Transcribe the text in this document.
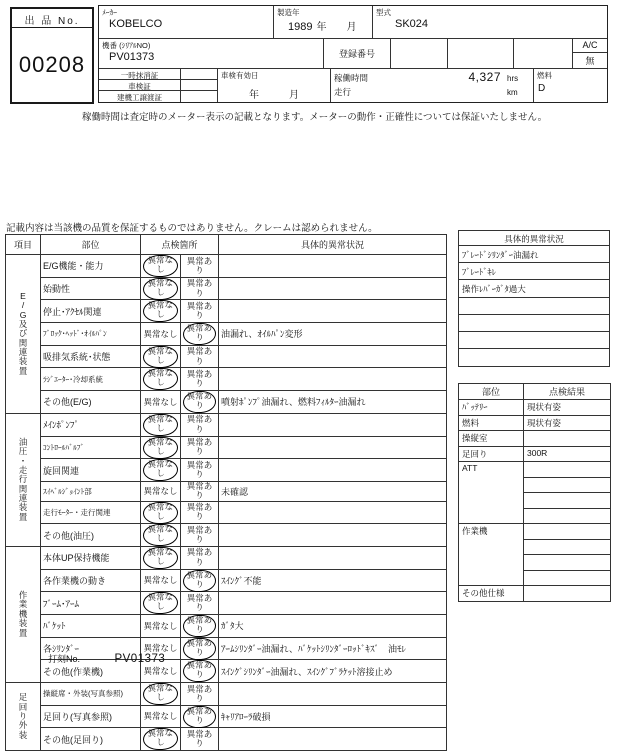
出 品 No.
00208
ﾒｰｶｰ
KOBELCO
製造年
1989 年 月
型式
SK024
機番 (ｼﾘｱﾙNO)
PV01373	登録番号
A/C
無
一時抹消証
車検証
建機工譲渡証
車検有効日
年	月
稼働時間	4,327 hrs
走行	km
燃料
D
稼働時間は査定時のメーター表示の記載となります。メーターの動作・正確性については保証いたしません。
記載内容は当該機の品質を保証するものではありません。クレームは認められません。
項目	部位	点検箇所		具体的異常状況

E
/
G
及
び
関
連
装
置
	E/G機能・能力	異常なし	異常あり	
	始動性	異常なし	異常あり	
	停止･ｱｸｾﾙ関連	異常なし	異常あり	
	ﾌﾞﾛｯｸ･ﾍｯﾄﾞ･ｵｲﾙﾊﾟﾝ	異常なし	異常あり	油漏れ、ｵｲﾙﾊﾟﾝ変形
	吸排気系統･状態	異常なし	異常あり	
	ﾗｼﾞｴｰﾀｰ･冷却系統	異常なし	異常あり	
	その他(E/G)	異常なし	異常あり	噴射ﾎﾟﾝﾌﾟ油漏れ、燃料ﾌｨﾙﾀｰ油漏れ

油
圧
・
走
行
関
連
装
置
	ﾒｲﾝﾎﾟﾝﾌﾟ	異常なし	異常あり	
	ｺﾝﾄﾛｰﾙﾊﾞﾙﾌﾞ	異常なし	異常あり	
	旋回関連	異常なし	異常あり	
	ｽｲﾍﾞﾙｼﾞｮｲﾝﾄ部	異常なし	異常あり	未確認
	走行ﾓｰﾀｰ・走行関連	異常なし	異常あり	
	その他(油圧)	異常なし	異常あり	

作
業
機
装
置	本体UP保持機能	異常なし	異常あり	
	各作業機の動き	異常なし	異常あり	ｽｲﾝｸﾞ不能
	ﾌﾞｰﾑ･ｱｰﾑ	異常なし	異常あり	
	ﾊﾞｹｯﾄ	異常なし	異常あり	ｶﾞﾀ大
	各ｼﾘﾝﾀﾞｰ	異常なし	異常あり	ｱｰﾑｼﾘﾝﾀﾞｰ油漏れ、ﾊﾞｹｯﾄｼﾘﾝﾀﾞｰﾛｯﾄﾞｷｽﾞ　油ﾓﾚ
	その他(作業機)	異常なし	異常あり	ｽｲﾝｸﾞｼﾘﾝﾀﾞｰ油漏れ、ｽｲﾝｸﾞﾌﾞﾗｹｯﾄ溶接止め

足
回
り
外
装	操縦席・外装(写真参照)	異常なし	異常あり	
	足回り(写真参照)	異常なし	異常あり	ｷｬﾘｱﾛｰﾗ破損
	その他(足回り)	異常なし	異常あり	
具体的異常状況
ﾌﾞﾚｰﾄﾞｼﾘﾝﾀﾞｰ油漏れ
ﾌﾞﾚｰﾄﾞｷﾚ
操作ﾚﾊﾞｰｶﾞﾀ過大
部位	点検結果
ﾊﾞｯﾃﾘｰ	現状有姿
燃料	現状有姿
操縦室	
足回り	300R
ATT	

作業機	

その他仕様	
打刻No.	PV01373
